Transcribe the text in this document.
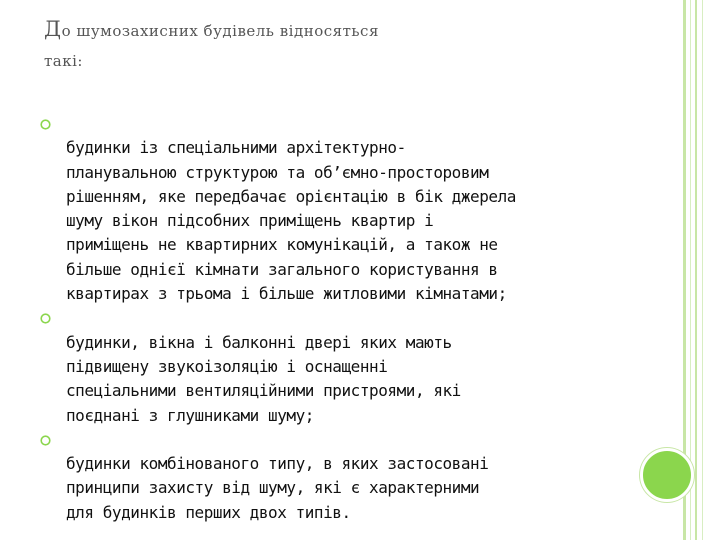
До шумозахисних будівель відносяться
такі:

будинки із спеціальними архітектурно-
планувальною структурою та об’ємно-просторовим
рішенням, яке передбачає орієнтацію в бік джерела
шуму вікон підсобних приміщень квартир і
приміщень не квартирних комунікацій, а також не
більше однієї кімнати загального користування в
квартирах з трьома і більше житловими кімнатами;

будинки, вікна і балконні двері яких мають
підвищену звукоізоляцію і оснащенні
спеціальними вентиляційними пристроями, які
поєднані з глушниками шуму;

будинки комбінованого типу, в яких застосовані
принципи захисту від шуму, які є характерними
для будинків перших двох типів.
